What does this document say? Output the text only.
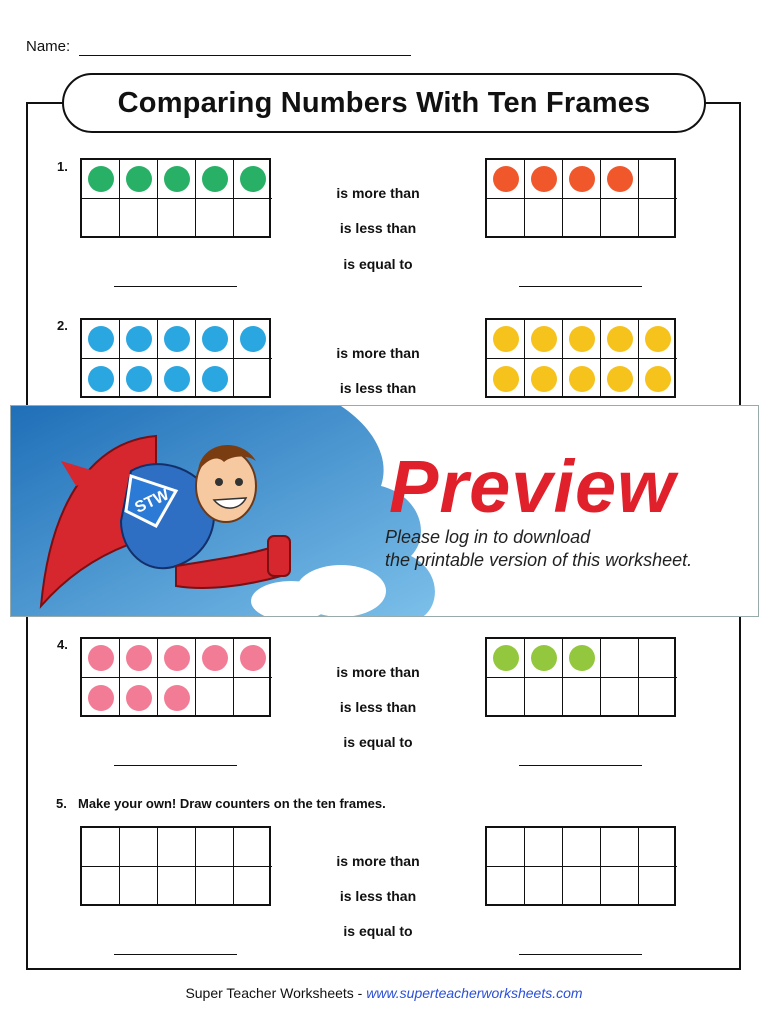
Name:
Comparing Numbers With Ten Frames
1.
is more than
is less than
is equal to
2.
is more than
is less than
4.
is more than
is less than
is equal to
5. Make your own! Draw counters on the ten frames.
is more than
is less than
is equal to
STW	Preview
Please log in to download
the printable version of this worksheet.
Super Teacher Worksheets - www.superteacherworksheets.com
